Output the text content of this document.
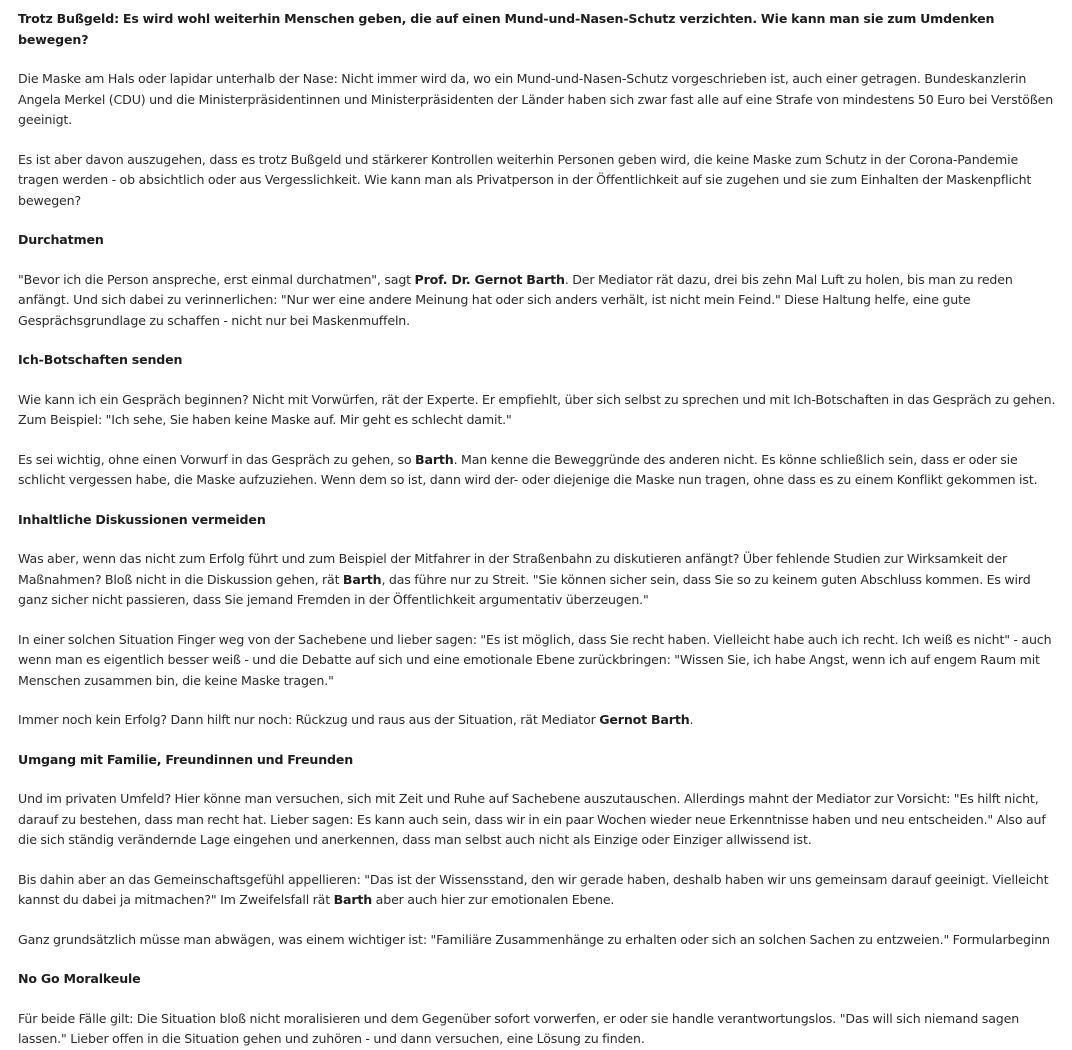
Trotz Bußgeld: Es wird wohl weiterhin Menschen geben, die auf einen Mund-und-Nasen-Schutz verzichten. Wie kann man sie zum Umdenken bewegen?

Die Maske am Hals oder lapidar unterhalb der Nase: Nicht immer wird da, wo ein Mund-und-Nasen-Schutz vorgeschrieben ist, auch einer getragen. Bundeskanzlerin Angela Merkel (CDU) und die Ministerpräsidentinnen und Ministerpräsidenten der Länder haben sich zwar fast alle auf eine Strafe von mindestens 50 Euro bei Verstößen geeinigt.

Es ist aber davon auszugehen, dass es trotz Bußgeld und stärkerer Kontrollen weiterhin Personen geben wird, die keine Maske zum Schutz in der Corona-Pandemie tragen werden - ob absichtlich oder aus Vergesslichkeit. Wie kann man als Privatperson in der Öffentlichkeit auf sie zugehen und sie zum Einhalten der Maskenpflicht bewegen?

Durchatmen

"Bevor ich die Person anspreche, erst einmal durchatmen", sagt Prof. Dr. Gernot Barth. Der Mediator rät dazu, drei bis zehn Mal Luft zu holen, bis man zu reden anfängt. Und sich dabei zu verinnerlichen: "Nur wer eine andere Meinung hat oder sich anders verhält, ist nicht mein Feind." Diese Haltung helfe, eine gute Gesprächsgrundlage zu schaffen - nicht nur bei Maskenmuffeln.

Ich-Botschaften senden

Wie kann ich ein Gespräch beginnen? Nicht mit Vorwürfen, rät der Experte. Er empfiehlt, über sich selbst zu sprechen und mit Ich-Botschaften in das Gespräch zu gehen. Zum Beispiel: "Ich sehe, Sie haben keine Maske auf. Mir geht es schlecht damit."

Es sei wichtig, ohne einen Vorwurf in das Gespräch zu gehen, so Barth. Man kenne die Beweggründe des anderen nicht. Es könne schließlich sein, dass er oder sie schlicht vergessen habe, die Maske aufzuziehen. Wenn dem so ist, dann wird der- oder diejenige die Maske nun tragen, ohne dass es zu einem Konflikt gekommen ist.

Inhaltliche Diskussionen vermeiden

Was aber, wenn das nicht zum Erfolg führt und zum Beispiel der Mitfahrer in der Straßenbahn zu diskutieren anfängt? Über fehlende Studien zur Wirksamkeit der Maßnahmen? Bloß nicht in die Diskussion gehen, rät Barth, das führe nur zu Streit. "Sie können sicher sein, dass Sie so zu keinem guten Abschluss kommen. Es wird ganz sicher nicht passieren, dass Sie jemand Fremden in der Öffentlichkeit argumentativ überzeugen."

In einer solchen Situation Finger weg von der Sachebene und lieber sagen: "Es ist möglich, dass Sie recht haben. Vielleicht habe auch ich recht. Ich weiß es nicht" - auch wenn man es eigentlich besser weiß - und die Debatte auf sich und eine emotionale Ebene zurückbringen: "Wissen Sie, ich habe Angst, wenn ich auf engem Raum mit Menschen zusammen bin, die keine Maske tragen."

Immer noch kein Erfolg? Dann hilft nur noch: Rückzug und raus aus der Situation, rät Mediator Gernot Barth.

Umgang mit Familie, Freundinnen und Freunden

Und im privaten Umfeld? Hier könne man versuchen, sich mit Zeit und Ruhe auf Sachebene auszutauschen. Allerdings mahnt der Mediator zur Vorsicht: "Es hilft nicht, darauf zu bestehen, dass man recht hat. Lieber sagen: Es kann auch sein, dass wir in ein paar Wochen wieder neue Erkenntnisse haben und neu entscheiden." Also auf die sich ständig verändernde Lage eingehen und anerkennen, dass man selbst auch nicht als Einzige oder Einziger allwissend ist.

Bis dahin aber an das Gemeinschaftsgefühl appellieren: "Das ist der Wissensstand, den wir gerade haben, deshalb haben wir uns gemeinsam darauf geeinigt. Vielleicht kannst du dabei ja mitmachen?" Im Zweifelsfall rät Barth aber auch hier zur emotionalen Ebene.

Ganz grundsätzlich müsse man abwägen, was einem wichtiger ist: "Familiäre Zusammenhänge zu erhalten oder sich an solchen Sachen zu entzweien." Formularbeginn

No Go Moralkeule

Für beide Fälle gilt: Die Situation bloß nicht moralisieren und dem Gegenüber sofort vorwerfen, er oder sie handle verantwortungslos. "Das will sich niemand sagen lassen." Lieber offen in die Situation gehen und zuhören - und dann versuchen, eine Lösung zu finden.
